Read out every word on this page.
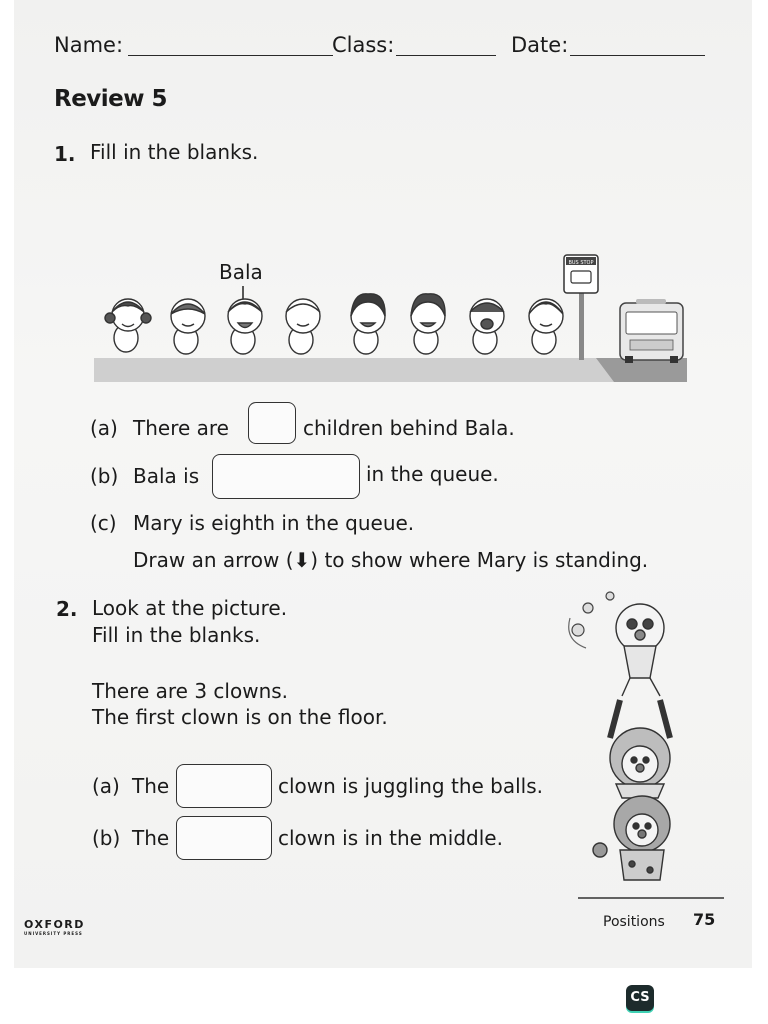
Name:	Class:	Date:
Review 5
1. Fill in the blanks.
Bala	BUS STOP
(a) There are	children behind Bala.
(b) Bala is	in the queue.
(c) Mary is eighth in the queue.
Draw an arrow (⬇) to show where Mary is standing.
2. Look at the picture.
Fill in the blanks.
There are 3 clowns.
The first clown is on the floor.
(a) The	clown is juggling the balls.
(b) The	clown is in the middle.
OXFORD
UNIVERSITY PRESS
Positions 75
CS
